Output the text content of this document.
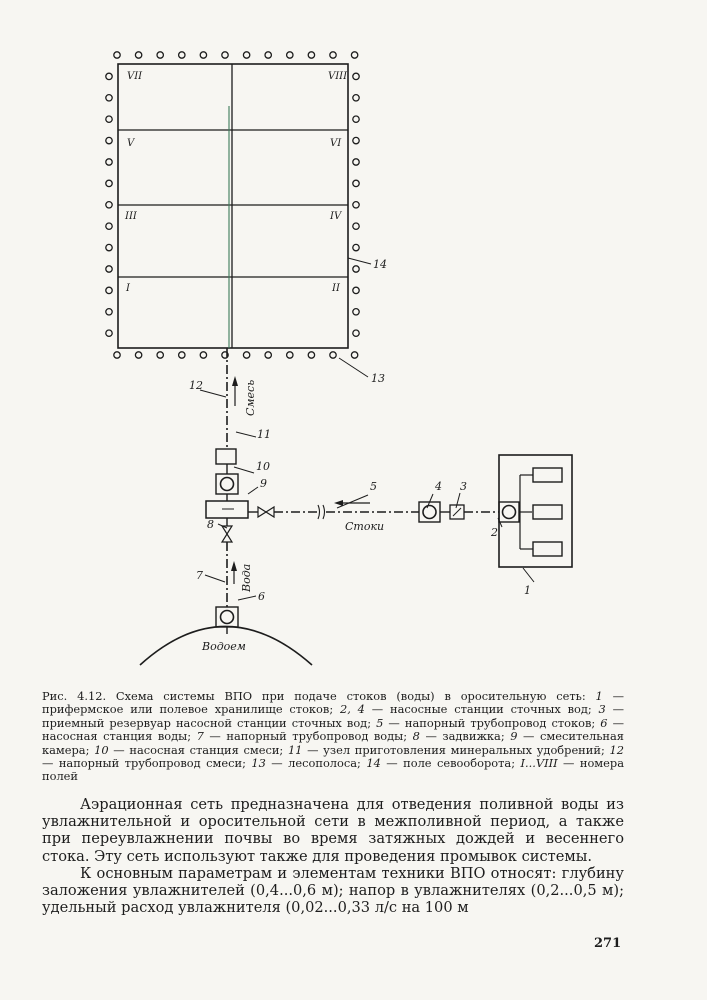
VII	VIII
V	VI
III	IV
I	II
14
13
12
11
10
9
8
7
6
5	4 3
2
1
Смесь
Стоки
Вода
Водоем
Рис. 4.12. Схема системы ВПО при подаче стоков (воды) в оросительную сеть: 1 — прифермское или полевое хранилище стоков; 2, 4 — насосные станции сточных вод; 3 — приемный резервуар насосной станции сточных вод; 5 — напорный трубопровод стоков; 6 — насосная станция воды; 7 — напорный трубопровод воды; 8 — задвижка; 9 — смесительная камера; 10 — насосная станция смеси; 11 — узел приготовления минеральных удобрений; 12 — напорный трубопровод смеси; 13 — лесополоса; 14 — поле севооборота; I...VIII — номера полей

Аэрационная сеть предназначена для отведения поливной воды из увлажнительной и оросительной сети в межполивной период, а также при переувлажнении почвы во время затяжных дождей и весеннего стока. Эту сеть используют также для проведения промывок системы.

К основным параметрам и элементам техники ВПО относят: глубину заложения увлажнителей (0,4...0,6 м); напор в увлажнителях (0,2...0,5 м); удельный расход увлажнителя (0,02...0,33 л/с на 100 м

271
